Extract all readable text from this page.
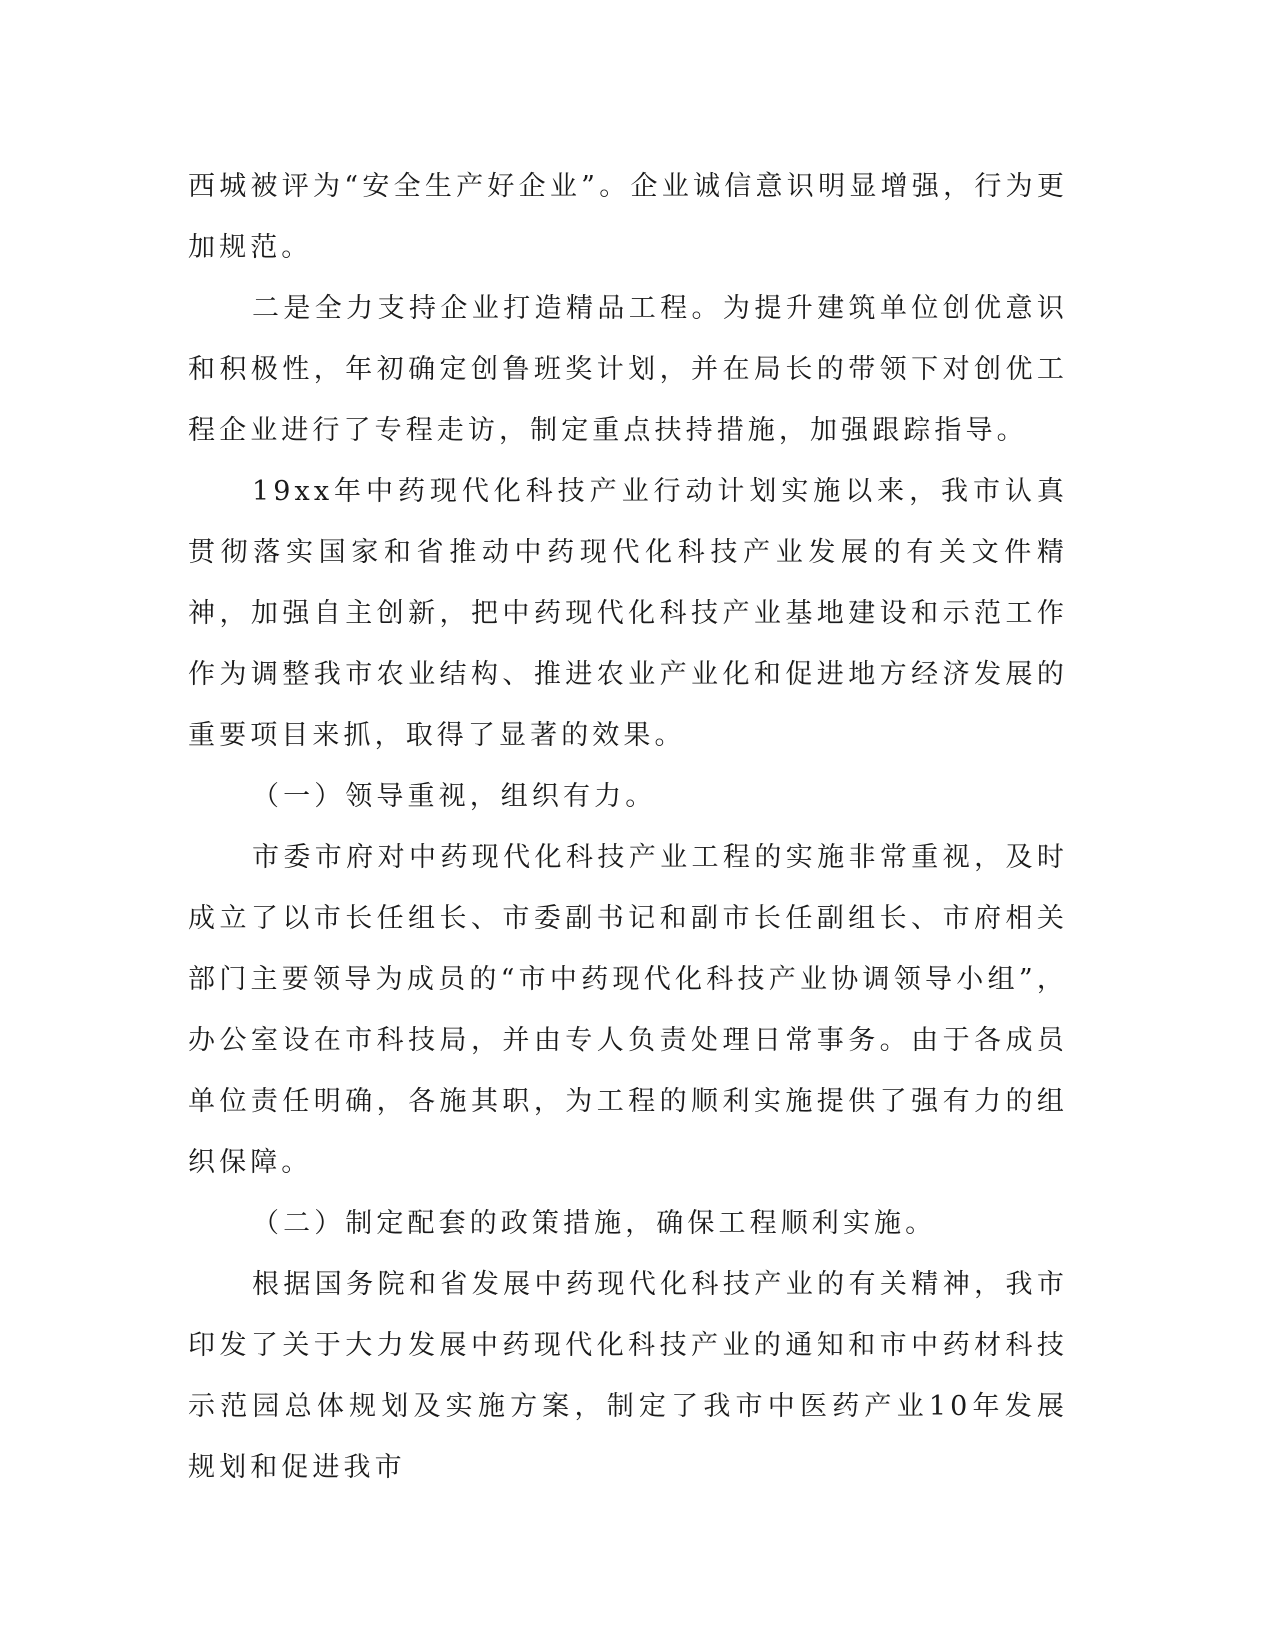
西城被评为“安全生产好企业”。企业诚信意识明显增强，行为更加规范。

二是全力支持企业打造精品工程。为提升建筑单位创优意识和积极性，年初确定创鲁班奖计划，并在局长的带领下对创优工程企业进行了专程走访，制定重点扶持措施，加强跟踪指导。

19xx年中药现代化科技产业行动计划实施以来，我市认真贯彻落实国家和省推动中药现代化科技产业发展的有关文件精神，加强自主创新，把中药现代化科技产业基地建设和示范工作作为调整我市农业结构、推进农业产业化和促进地方经济发展的重要项目来抓，取得了显著的效果。

（一）领导重视，组织有力。

市委市府对中药现代化科技产业工程的实施非常重视，及时成立了以市长任组长、市委副书记和副市长任副组长、市府相关部门主要领导为成员的“市中药现代化科技产业协调领导小组”，办公室设在市科技局，并由专人负责处理日常事务。由于各成员单位责任明确，各施其职，为工程的顺利实施提供了强有力的组织保障。

（二）制定配套的政策措施，确保工程顺利实施。

根据国务院和省发展中药现代化科技产业的有关精神，我市印发了关于大力发展中药现代化科技产业的通知和市中药材科技示范园总体规划及实施方案，制定了我市中医药产业10年发展规划和促进我市
